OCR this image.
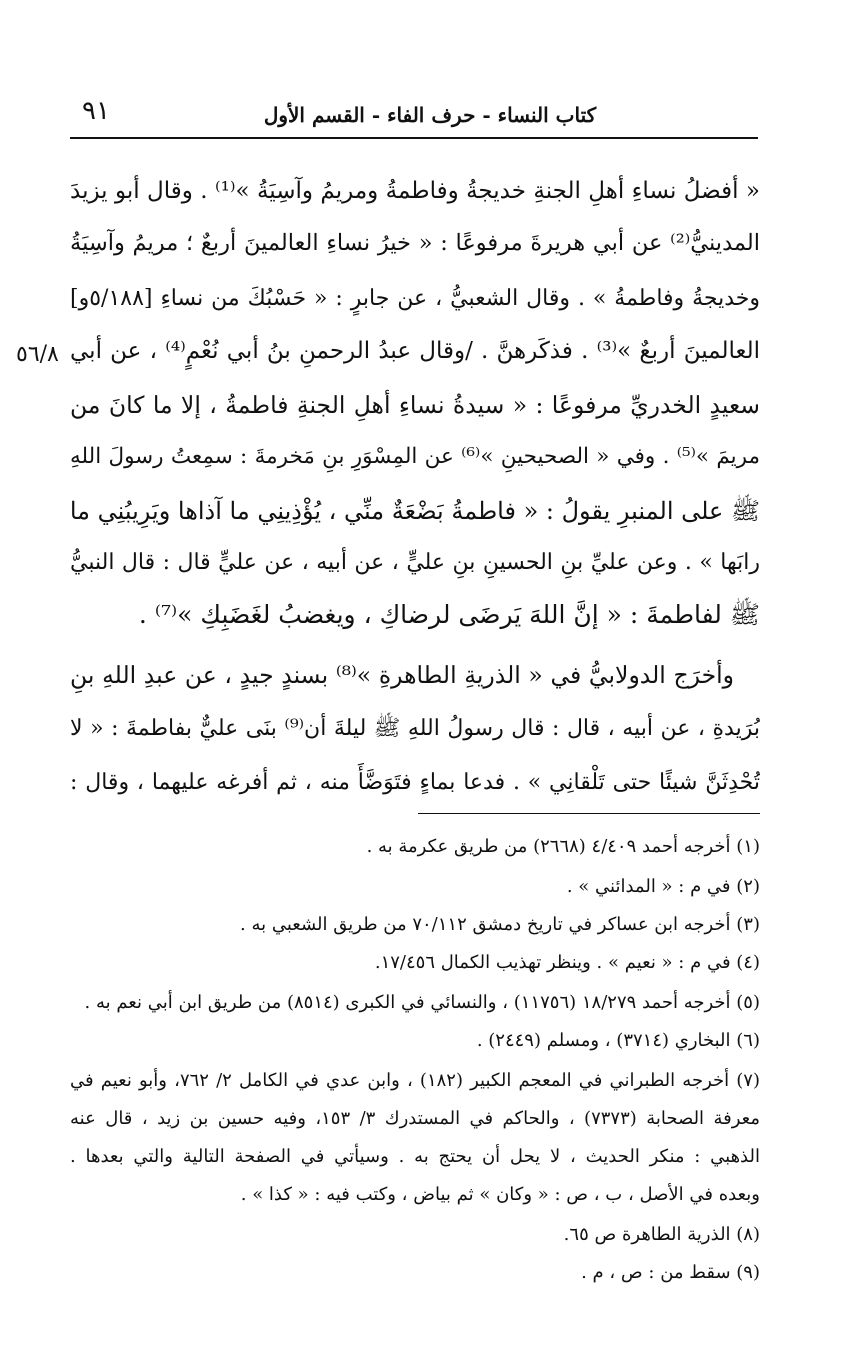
كتاب النساء - حرف الفاء - القسم الأول
٩١
٥٦/٨
« أفضلُ نساءِ أهلِ الجنةِ خديجةُ وفاطمةُ ومريمُ وآسِيَةُ »⁽¹⁾ . وقال أبو يزيدَ
المدينيُّ⁽²⁾ عن أبي هريرةَ مرفوعًا : « خيرُ نساءِ العالمينَ أربعٌ ؛ مريمُ وآسِيَةُ
وخديجةُ وفاطمةُ » . وقال الشعبيُّ ، عن جابرٍ : « حَسْبُكَ من نساءِ [٥/١٨٨و]
العالمينَ أربعٌ »⁽³⁾ . فذكَرهنَّ . /وقال عبدُ الرحمنِ بنُ أبي نُعْمٍ⁽⁴⁾ ، عن أبي
سعيدٍ الخدريِّ مرفوعًا : « سيدةُ نساءِ أهلِ الجنةِ فاطمةُ ، إلا ما كانَ من
مريمَ »⁽⁵⁾ . وفي « الصحيحينِ »⁽⁶⁾ عن المِسْوَرِ بنِ مَخرمةَ : سمِعتُ رسولَ اللهِ
ﷺ على المنبرِ يقولُ : « فاطمةُ بَضْعَةٌ منِّي ، يُؤْذِينِي ما آذاها ويَرِيبُنِي ما
رابَها » . وعن عليِّ بنِ الحسينِ بنِ عليٍّ ، عن أبيه ، عن عليٍّ قال : قال النبيُّ
ﷺ لفاطمةَ : « إنَّ اللهَ يَرضَى لرضاكِ ، ويغضبُ لغَضَبِكِ »⁽⁷⁾ .
وأخرَج الدولابيُّ في « الذريةِ الطاهرةِ »⁽⁸⁾ بسندٍ جيدٍ ، عن عبدِ اللهِ بنِ
بُرَيدةِ ، عن أبيه ، قال : قال رسولُ اللهِ ﷺ ليلةَ أن⁽⁹⁾ بنَى عليٌّ بفاطمةَ : « لا
تُحْدِثَنَّ شيئًا حتى تَلْقانِي » . فدعا بماءٍ فتَوَضَّأَ منه ، ثم أفرغه عليهما ، وقال :
(١) أخرجه أحمد ٤/٤٠٩ (٢٦٦٨) من طريق عكرمة به .
(٢) في م : « المدائني » .
(٣) أخرجه ابن عساكر في تاريخ دمشق ٧٠/١١٢ من طريق الشعبي به .
(٤) في م : « نعيم » . وينظر تهذيب الكمال ١٧/٤٥٦.
(٥) أخرجه أحمد ١٨/٢٧٩ (١١٧٥٦) ، والنسائي في الكبرى (٨٥١٤) من طريق ابن أبي نعم به .
(٦) البخاري (٣٧١٤) ، ومسلم (٢٤٤٩) .
(٧) أخرجه الطبراني في المعجم الكبير (١٨٢) ، وابن عدي في الكامل ٢/ ٧٦٢، وأبو نعيم في
معرفة الصحابة (٧٣٧٣) ، والحاكم في المستدرك ٣/ ١٥٣، وفيه حسين بن زيد ، قال عنه
الذهبي : منكر الحديث ، لا يحل أن يحتج به . وسيأتي في الصفحة التالية والتي بعدها .
وبعده في الأصل ، ب ، ص : « وكان » ثم بياض ، وكتب فيه : « كذا » .
(٨) الذرية الطاهرة ص ٦٥.
(٩) سقط من : ص ، م .
